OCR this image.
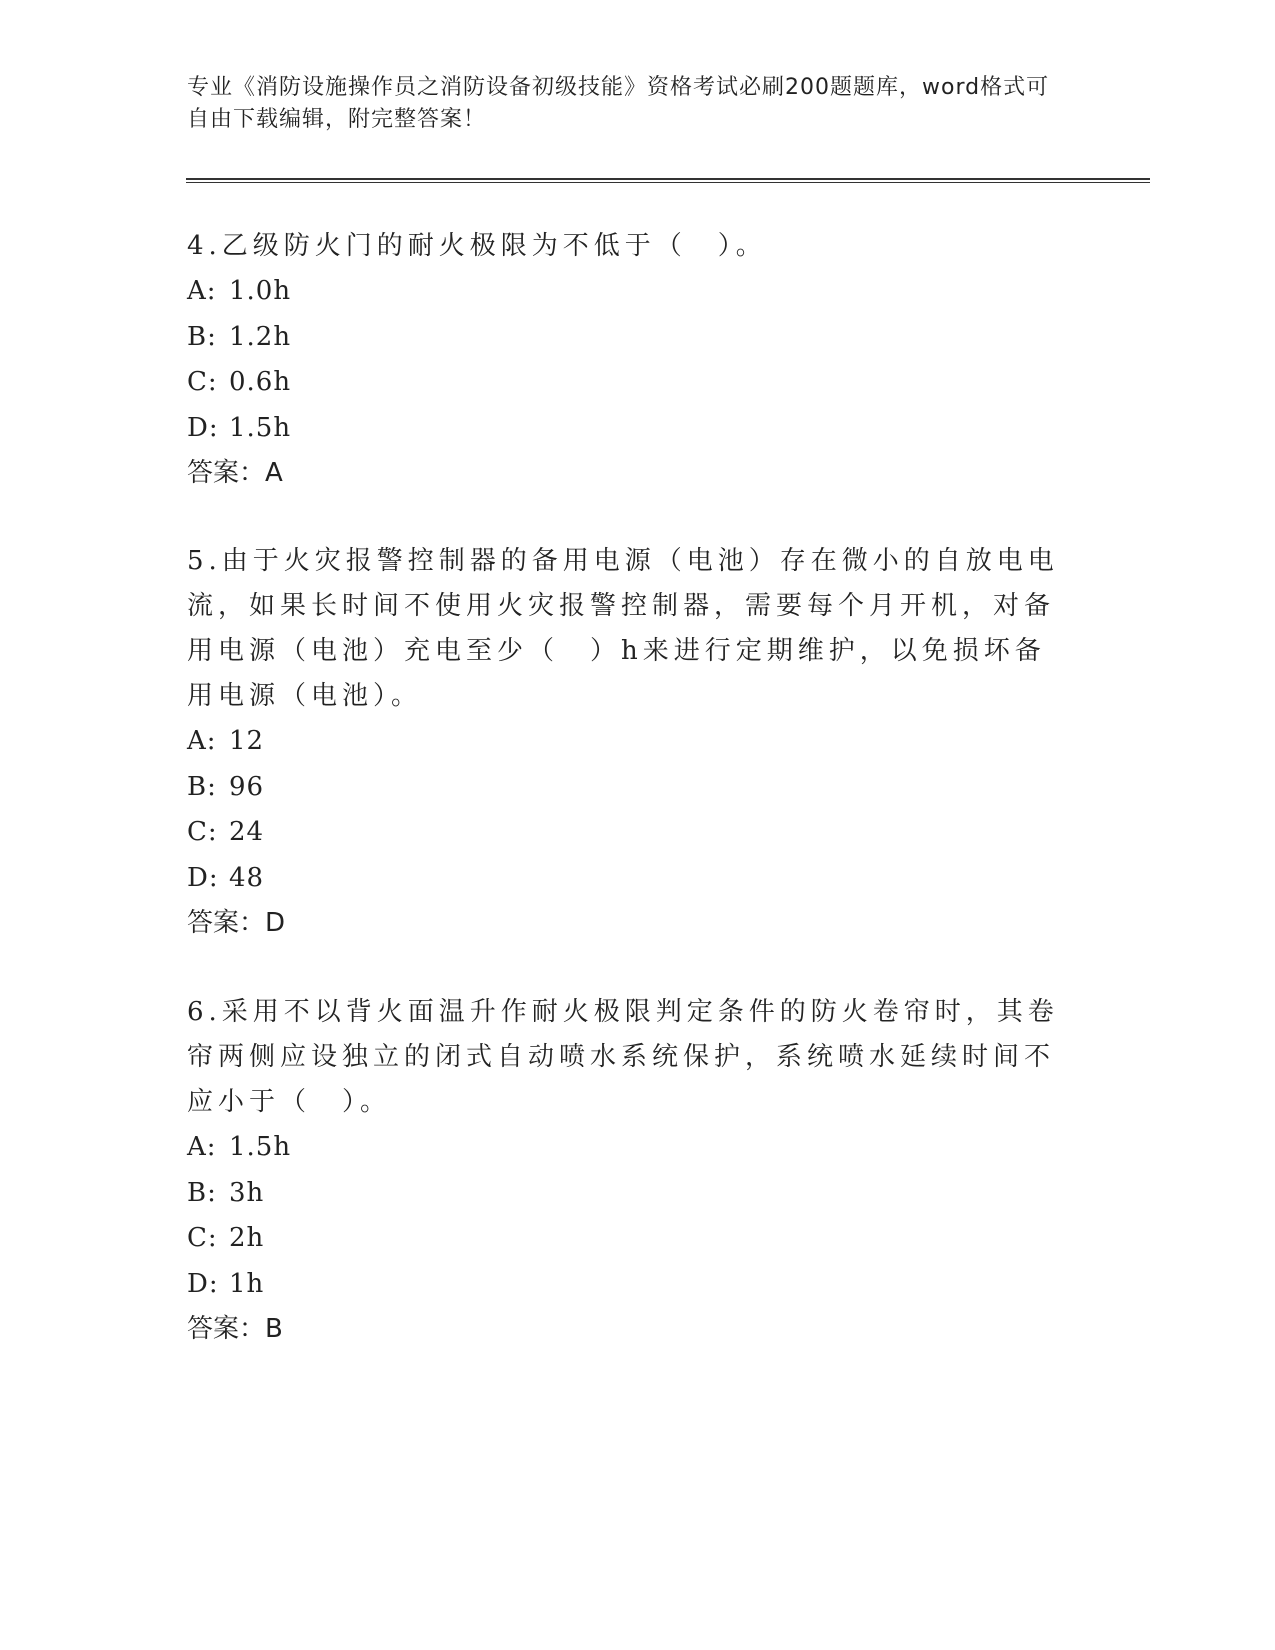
专业《消防设施操作员之消防设备初级技能》资格考试必刷200题题库，word格式可自由下载编辑，附完整答案！

4.乙级防火门的耐火极限为不低于（　）。

A: 1.0h

B: 1.2h

C: 0.6h

D: 1.5h

答案：A

5.由于火灾报警控制器的备用电源（电池）存在微小的自放电电流，如果长时间不使用火灾报警控制器，需要每个月开机，对备用电源（电池）充电至少（　）h来进行定期维护，以免损坏备用电源（电池）。

A: 12

B: 96

C: 24

D: 48

答案：D

6.采用不以背火面温升作耐火极限判定条件的防火卷帘时，其卷帘两侧应设独立的闭式自动喷水系统保护，系统喷水延续时间不应小于（　）。

A: 1.5h

B: 3h

C: 2h

D: 1h

答案：B
